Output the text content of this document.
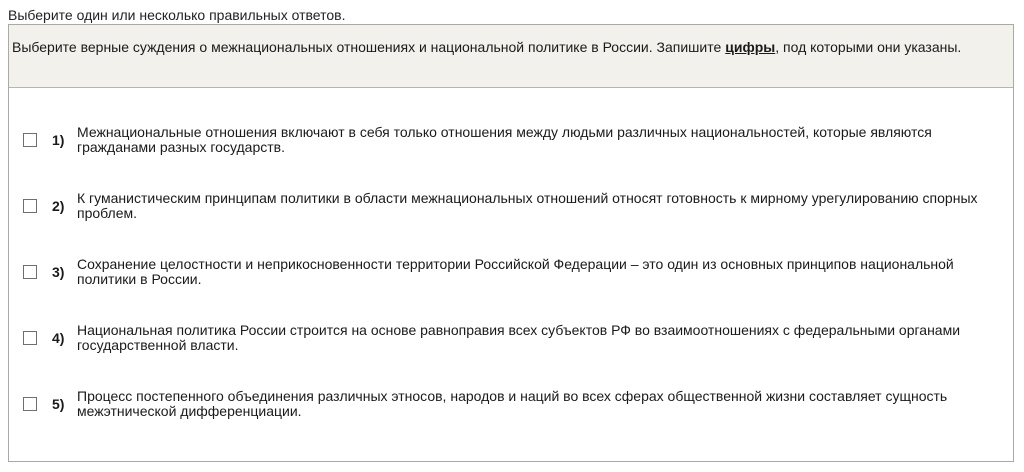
Выберите один или несколько правильных ответов.
Выберите верные суждения о межнациональных отношениях и национальной политике в России. Запишите цифры, под которыми они указаны.
1) Межнациональные отношения включают в себя только отношения между людьми различных национальностей, которые являются гражданами разных государств.
2) К гуманистическим принципам политики в области межнациональных отношений относят готовность к мирному урегулированию спорных проблем.
3) Сохранение целостности и неприкосновенности территории Российской Федерации – это один из основных принципов национальной политики в России.
4) Национальная политика России строится на основе равноправия всех субъектов РФ во взаимоотношениях с федеральными органами государственной власти.
5) Процесс постепенного объединения различных этносов, народов и наций во всех сферах общественной жизни составляет сущность межэтнической дифференциации.
